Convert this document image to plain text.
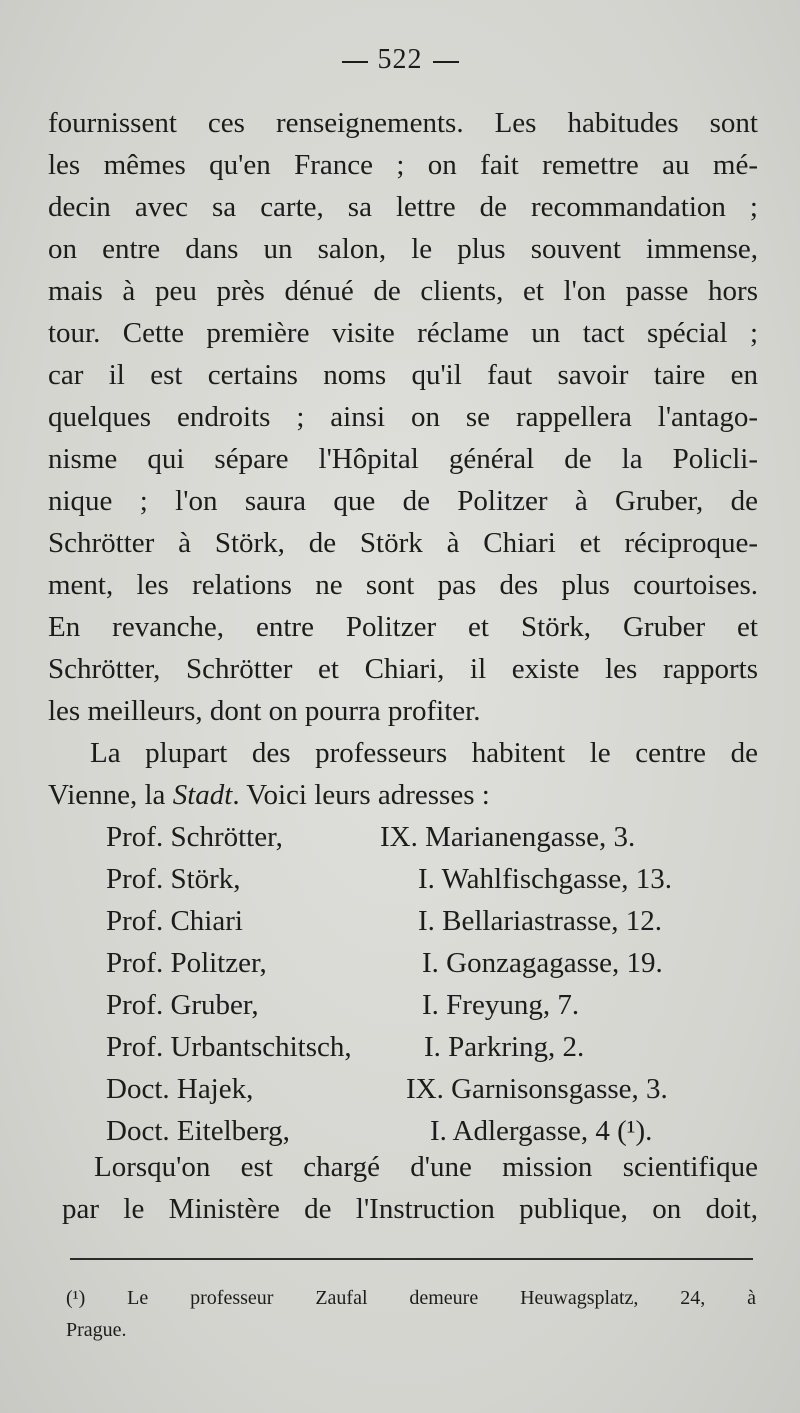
522
fournissent ces renseignements. Les habitudes sont
les mêmes qu'en France ; on fait remettre au mé-
decin avec sa carte, sa lettre de recommandation ;
on entre dans un salon, le plus souvent immense,
mais à peu près dénué de clients, et l'on passe hors
tour. Cette première visite réclame un tact spécial ;
car il est certains noms qu'il faut savoir taire en
quelques endroits ; ainsi on se rappellera l'antago-
nisme qui sépare l'Hôpital général de la Policli-
nique ; l'on saura que de Politzer à Gruber, de
Schrötter à Störk, de Störk à Chiari et réciproque-
ment, les relations ne sont pas des plus courtoises.
En revanche, entre Politzer et Störk, Gruber et
Schrötter, Schrötter et Chiari, il existe les rapports
les meilleurs, dont on pourra profiter.
La plupart des professeurs habitent le centre de
Vienne, la Stadt. Voici leurs adresses :
Prof. Schrötter,	IX. Marianengasse, 3.
Prof. Störk,	I. Wahlfischgasse, 13.
Prof. Chiari	I. Bellariastrasse, 12.
Prof. Politzer,	I. Gonzagagasse, 19.
Prof. Gruber,	I. Freyung, 7.
Prof. Urbantschitsch, I. Parkring, 2.
Doct. Hajek,	IX. Garnisonsgasse, 3.
Doct. Eitelberg,	I. Adlergasse, 4 (¹).
Lorsqu'on est chargé d'une mission scientifique
par le Ministère de l'Instruction publique, on doit,
(¹) Le professeur Zaufal demeure Heuwagsplatz, 24, à
Prague.
